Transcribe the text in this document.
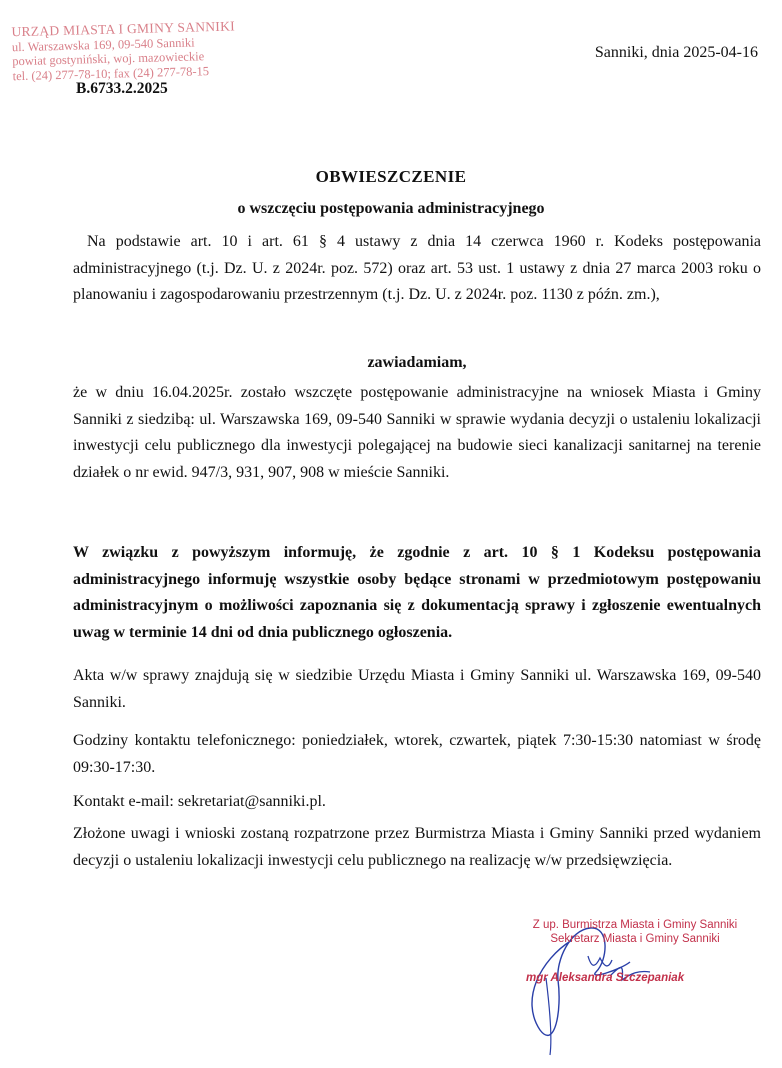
URZĄD MIASTA I GMINY SANNIKI
ul. Warszawska 169, 09-540 Sanniki
powiat gostyniński, woj. mazowieckie
tel. (24) 277-78-10; fax (24) 277-78-15
B.6733.2.2025
Sanniki, dnia 2025-04-16
OBWIESZCZENIE
o wszczęciu postępowania administracyjnego
Na podstawie art. 10 i art. 61 § 4 ustawy z dnia 14 czerwca 1960 r. Kodeks postępowania administracyjnego (t.j. Dz. U. z 2024r. poz. 572) oraz art. 53 ust. 1 ustawy z dnia 27 marca 2003 roku o planowaniu i zagospodarowaniu przestrzennym (t.j. Dz. U. z 2024r. poz. 1130 z późn. zm.),
zawiadamiam,
że w dniu 16.04.2025r. zostało wszczęte postępowanie administracyjne na wniosek Miasta i Gminy Sanniki z siedzibą: ul. Warszawska 169, 09-540 Sanniki w sprawie wydania decyzji o ustaleniu lokalizacji inwestycji celu publicznego dla inwestycji polegającej na budowie sieci kanalizacji sanitarnej na terenie działek o nr ewid. 947/3, 931, 907, 908 w mieście Sanniki.
W związku z powyższym informuję, że zgodnie z art. 10 § 1 Kodeksu postępowania administracyjnego informuję wszystkie osoby będące stronami w przedmiotowym postępowaniu administracyjnym o możliwości zapoznania się z dokumentacją sprawy i zgłoszenie ewentualnych uwag w terminie 14 dni od dnia publicznego ogłoszenia.
Akta w/w sprawy znajdują się w siedzibie Urzędu Miasta i Gminy Sanniki ul. Warszawska 169, 09-540 Sanniki.
Godziny kontaktu telefonicznego: poniedziałek, wtorek, czwartek, piątek 7:30-15:30 natomiast w środę 09:30-17:30.
Kontakt e-mail: sekretariat@sanniki.pl.
Złożone uwagi i wnioski zostaną rozpatrzone przez Burmistrza Miasta i Gminy Sanniki przed wydaniem decyzji o ustaleniu lokalizacji inwestycji celu publicznego na realizację w/w przedsięwzięcia.
Z up. Burmistrza Miasta i Gminy Sanniki
Sekretarz Miasta i Gminy Sanniki
mgr Aleksandra Szczepaniak
